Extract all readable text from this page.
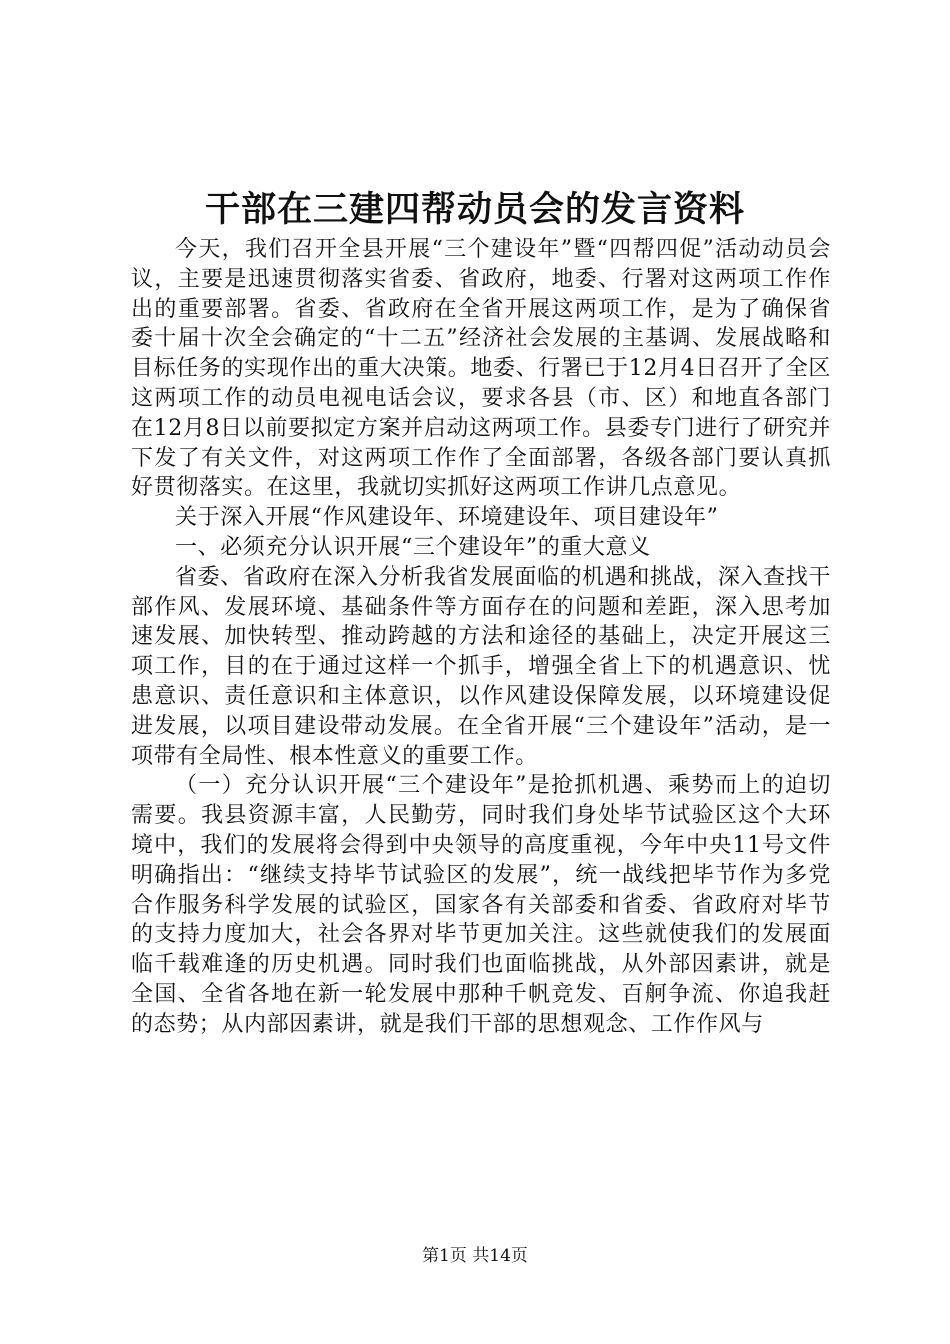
干部在三建四帮动员会的发言资料

今天，我们召开全县开展“三个建设年”暨“四帮四促”活动动员会议，主要是迅速贯彻落实省委、省政府，地委、行署对这两项工作作出的重要部署。省委、省政府在全省开展这两项工作，是为了确保省委十届十次全会确定的“十二五”经济社会发展的主基调、发展战略和目标任务的实现作出的重大决策。地委、行署已于12月4日召开了全区这两项工作的动员电视电话会议，要求各县（市、区）和地直各部门在12月8日以前要拟定方案并启动这两项工作。县委专门进行了研究并下发了有关文件，对这两项工作作了全面部署，各级各部门要认真抓好贯彻落实。在这里，我就切实抓好这两项工作讲几点意见。

关于深入开展“作风建设年、环境建设年、项目建设年”

一、必须充分认识开展“三个建设年”的重大意义

省委、省政府在深入分析我省发展面临的机遇和挑战，深入查找干部作风、发展环境、基础条件等方面存在的问题和差距，深入思考加速发展、加快转型、推动跨越的方法和途径的基础上，决定开展这三项工作，目的在于通过这样一个抓手，增强全省上下的机遇意识、忧患意识、责任意识和主体意识，以作风建设保障发展，以环境建设促进发展，以项目建设带动发展。在全省开展“三个建设年”活动，是一项带有全局性、根本性意义的重要工作。

（一）充分认识开展“三个建设年”是抢抓机遇、乘势而上的迫切需要。我县资源丰富，人民勤劳，同时我们身处毕节试验区这个大环境中，我们的发展将会得到中央领导的高度重视，今年中央11号文件明确指出：“继续支持毕节试验区的发展”，统一战线把毕节作为多党合作服务科学发展的试验区，国家各有关部委和省委、省政府对毕节的支持力度加大，社会各界对毕节更加关注。这些就使我们的发展面临千载难逢的历史机遇。同时我们也面临挑战，从外部因素讲，就是全国、全省各地在新一轮发展中那种千帆竞发、百舸争流、你追我赶的态势；从内部因素讲，就是我们干部的思想观念、工作作风与

第1页 共14页
